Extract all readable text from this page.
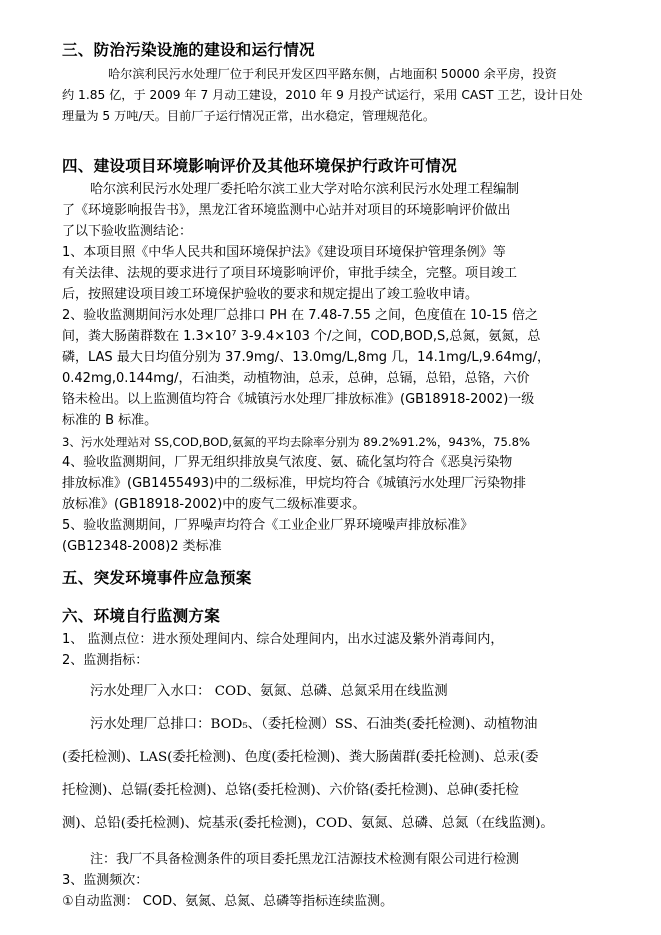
三、防治污染设施的建设和运行情况
哈尔滨利民污水处理厂位于利民开发区四平路东侧，占地面积 50000 余平房，投资
约 1.85 亿，于 2009 年 7 月动工建设，2010 年 9 月投产试运行，采用 CAST 工艺，设计日处
理量为 5 万吨/天。目前厂子运行情况正常，出水稳定，管理规范化。
四、建设项目环境影响评价及其他环境保护行政许可情况
哈尔滨利民污水处理厂委托哈尔滨工业大学对哈尔滨利民污水处理工程编制
了《环境影响报告书》，黑龙江省环境监测中心站并对项目的环境影响评价做出
了以下验收监测结论：
1、本项目照《中华人民共和国环境保护法》《建设项目环境保护管理条例》等
有关法律、法规的要求进行了项目环境影响评价，审批手续全，完整。项目竣工
后，按照建设项目竣工环境保护验收的要求和规定提出了竣工验收申请。
2、验收监测期间污水处理厂总排口 PH 在 7.48-7.55 之间，色度值在 10-15 倍之
间，粪大肠菌群数在 1.3×10⁷ 3-9.4×103 个/之间，COD,BOD,S,总氮，氨氮，总
磷，LAS 最大日均值分别为 37.9mg/、13.0mg/L,8mg 几，14.1mg/L,9.64mg/，
0.42mg,0.144mg/，石油类，动植物油，总汞，总砷，总镉，总铅，总铬，六价
铬未检出。以上监测值均符合《城镇污水处理厂排放标准》(GB18918-2002)一级
标准的 B 标准。
3、污水处理站对 SS,COD,BOD,氨氮的平均去除率分别为 89.2%91.2%，943%，75.8%
4、验收监测期间，厂界无组织排放臭气浓度、氨、硫化氢均符合《恶臭污染物
排放标准》(GB1455493)中的二级标准，甲烷均符合《城镇污水处理厂污染物排
放标准》(GB18918-2002)中的废气二级标准要求。
5、验收监测期间，厂界噪声均符合《工业企业厂界环境噪声排放标准》
(GB12348-2008)2 类标准
五、突发环境事件应急预案
六、环境自行监测方案
1、 监测点位：进水预处理间内、综合处理间内，出水过滤及紫外消毒间内，
2、监测指标：
污水处理厂入水口： COD、氨氮、总磷、总氮采用在线监测
污水处理厂总排口：BOD₅、（委托检测）SS、石油类(委托检测)、动植物油
(委托检测)、LAS(委托检测)、色度(委托检测)、粪大肠菌群(委托检测)、总汞(委
托检测)、总镉(委托检测)、总铬(委托检测)、六价铬(委托检测)、总砷(委托检
测)、总铅(委托检测)、烷基汞(委托检测)，COD、氨氮、总磷、总氮（在线监测)。
注：我厂不具备检测条件的项目委托黑龙江洁源技术检测有限公司进行检测
3、监测频次：
①自动监测： COD、氨氮、总氮、总磷等指标连续监测。
